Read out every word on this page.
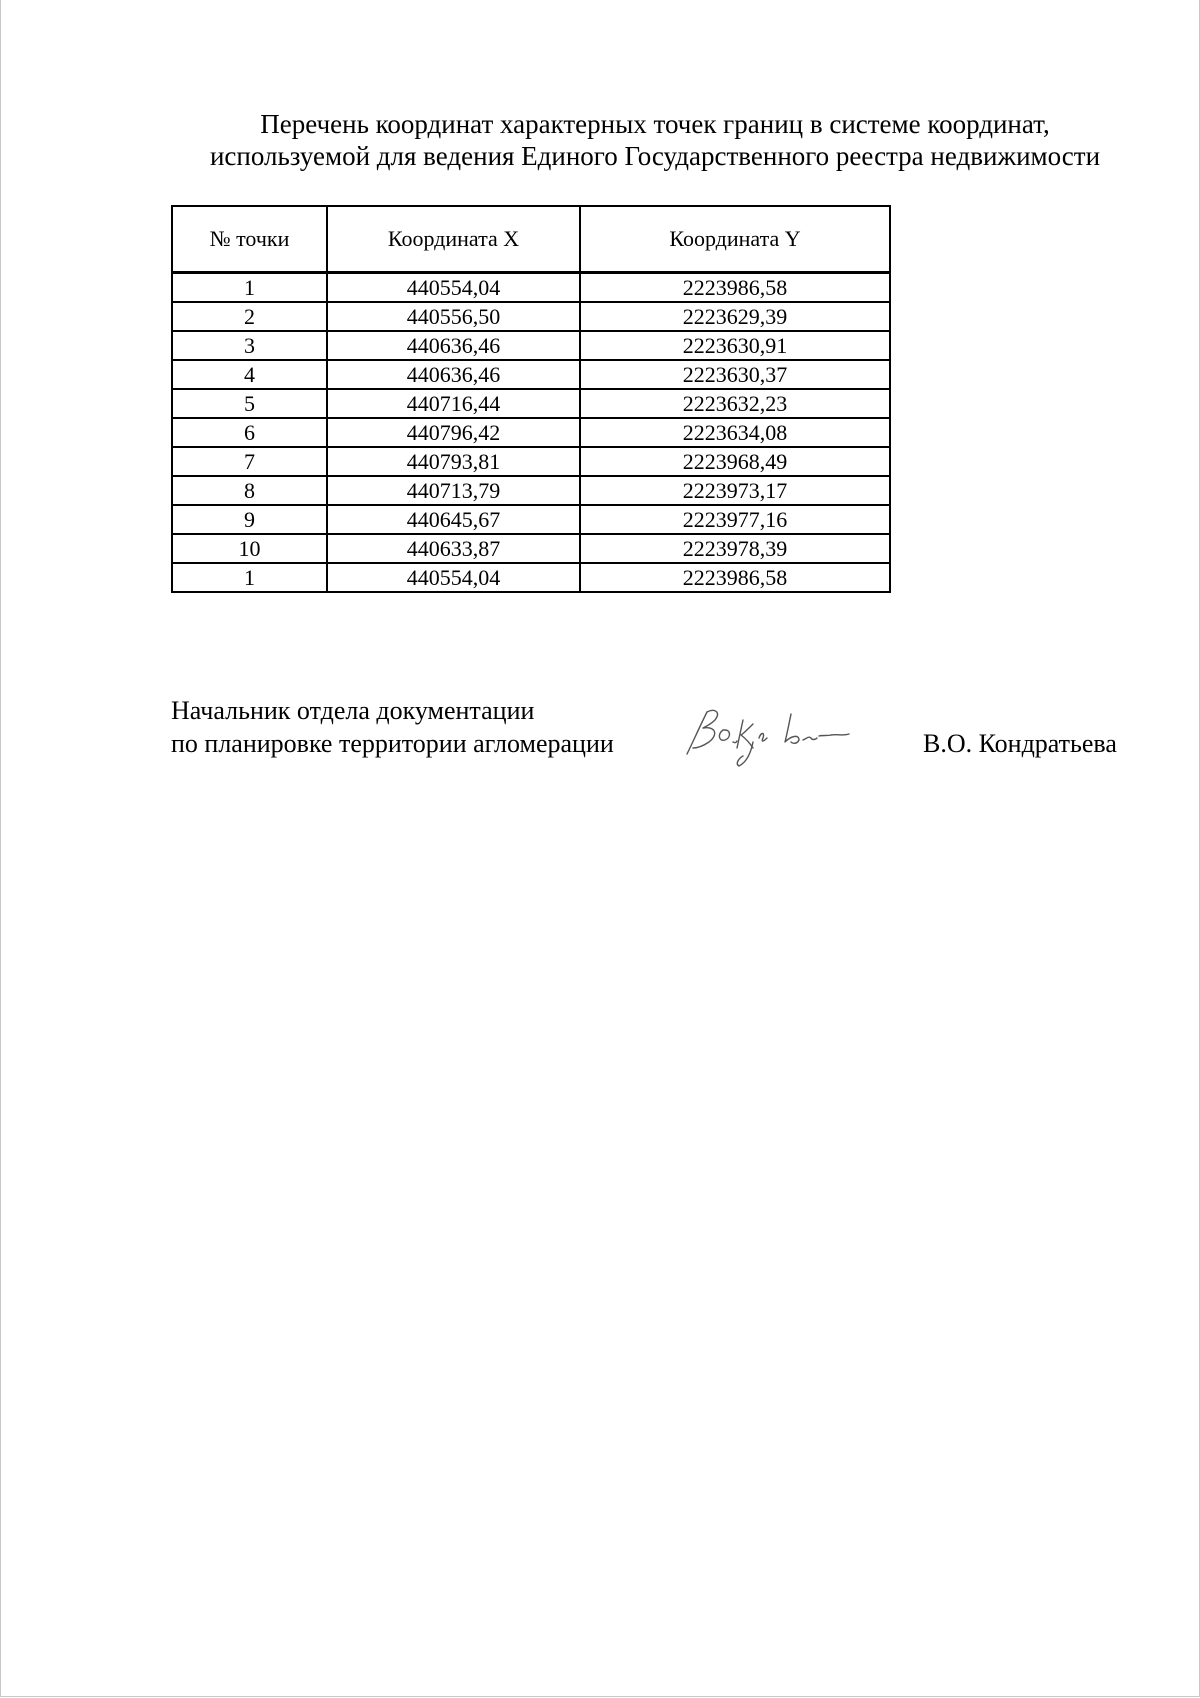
Перечень координат характерных точек границ в системе координат,
используемой для ведения Единого Государственного реестра недвижимости
№ точки	Координата X	Координата Y
1	440554,04	2223986,58
2	440556,50	2223629,39
3	440636,46	2223630,91
4	440636,46	2223630,37
5	440716,44	2223632,23
6	440796,42	2223634,08
7	440793,81	2223968,49
8	440713,79	2223973,17
9	440645,67	2223977,16
10	440633,87	2223978,39
1	440554,04	2223986,58
Начальник отдела документации
по планировке территории агломерации	В.О. Кондратьева
